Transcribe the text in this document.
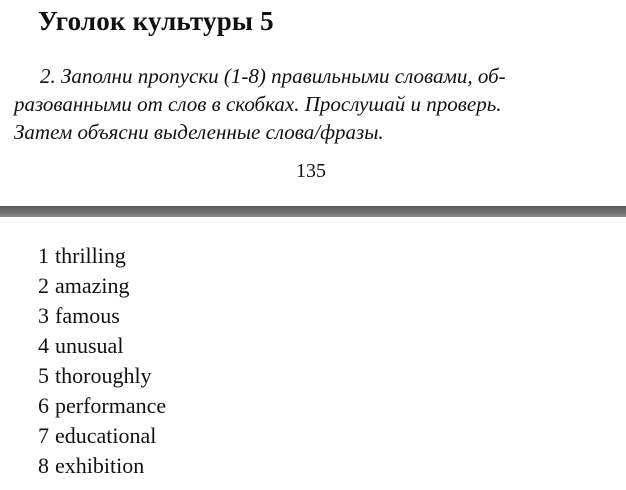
Уголок культуры 5
2. Заполни пропуски (1-8) правильными словами, об-
разованными от слов в скобках. Прослушай и проверь.
Затем объясни выделенные слова/фразы.
135
1 thrilling
2 amazing
3 famous
4 unusual
5 thoroughly
6 performance
7 educational
8 exhibition
